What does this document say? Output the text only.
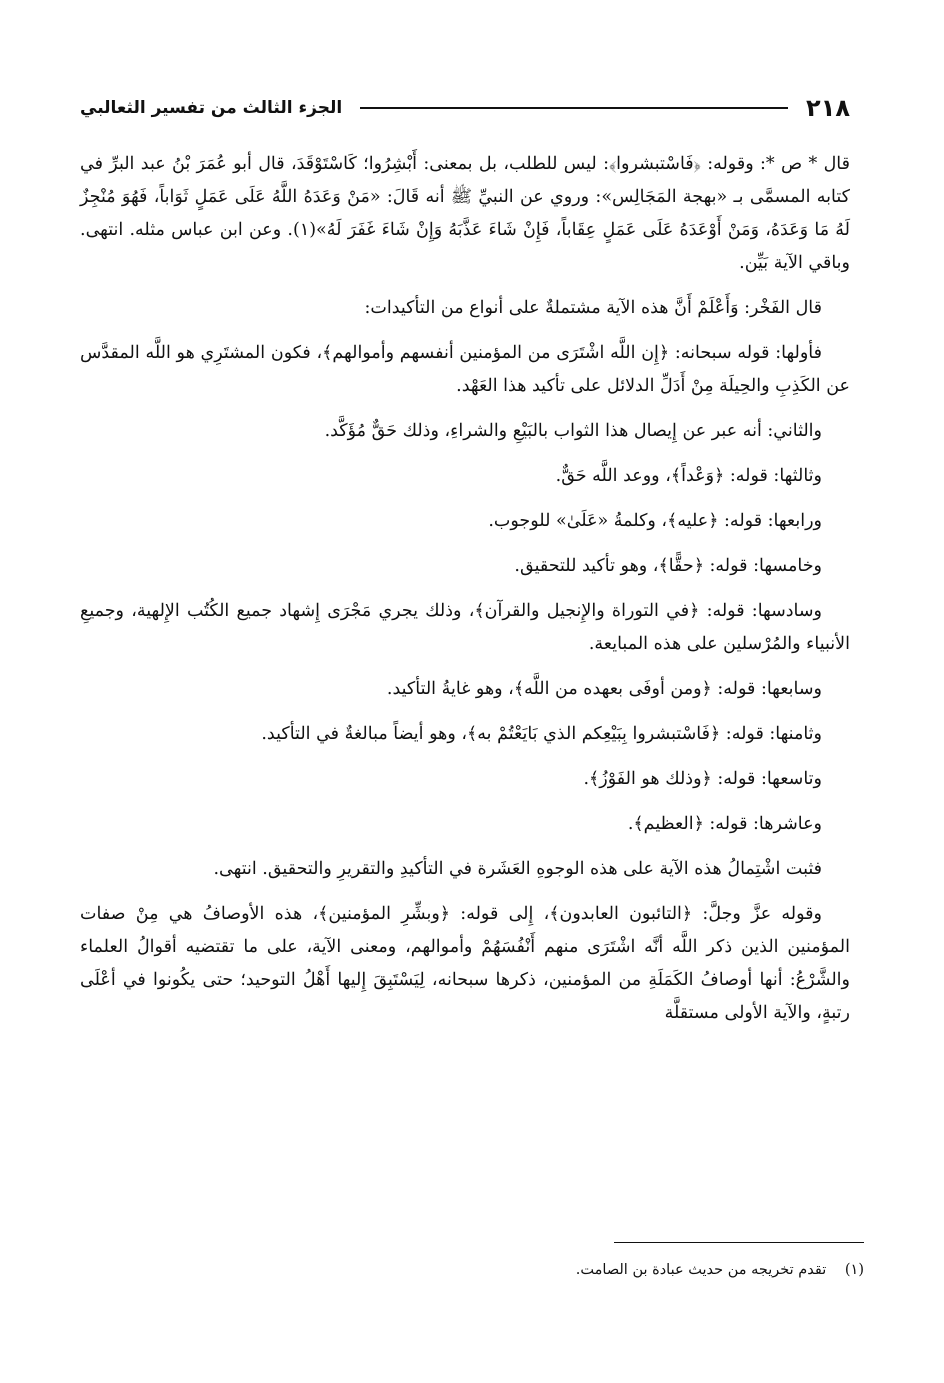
٢١٨
الجزء الثالث من تفسير الثعالبي

قال * ص *: وقوله: ﴿فَاسْتبشروا﴾: ليس للطلب، بل بمعنى: أَبْشِرُوا؛ كَاسْتَوْقَدَ، قال أبو عُمَرَ بْنُ عبد البرِّ في كتابه المسمَّى بـ «بهجة المَجَالِس»: وروي عن النبيِّ ﷺ أنه قَالَ: «مَنْ وَعَدَهُ اللَّهُ عَلَى عَمَلٍ ثَوَاباً، فَهُوَ مُنْجِزٌ لَهُ مَا وَعَدَهُ، وَمَنْ أَوْعَدَهُ عَلَى عَمَلٍ عِقَاباً، فَإِنْ شَاءَ عَذَّبَهُ وَإِنْ شَاءَ غَفَرَ لَهُ»(١). وعن ابن عباس مثله. انتهى. وباقي الآية بَيِّن.

قال الفَخْر: وَأَعْلَمْ أَنَّ هذه الآية مشتملةٌ على أنواع من التأكيدات:

فأولها: قوله سبحانه: ﴿إِن اللَّه اشْتَرَى من المؤمنين أنفسهم وأموالهم﴾، فكون المشتَرِي هو اللَّه المقدَّس عن الكَذِبِ والحِيلَة مِنْ أَدَلِّ الدلائل على تأكيد هذا العَهْد.

والثاني: أنه عبر عن إِيصال هذا الثواب بالبَيْعِ والشراءِ، وذلك حَقٌّ مُؤَكَّد.

وثالثها: قوله: ﴿وَعْداً﴾، ووعد اللَّه حَقٌّ.

ورابعها: قوله: ﴿عليه﴾، وكلمةُ «عَلَىٰ» للوجوب.

وخامسها: قوله: ﴿حقًّا﴾، وهو تأكيد للتحقيق.

وسادسها: قوله: ﴿في التوراة والإِنجيل والقرآن﴾، وذلك يجري مَجْرَى إِشهاد جميع الكُتُب الإِلهية، وجميعِ الأنبياء والمُرْسلين على هذه المبايعة.

وسابعها: قوله: ﴿ومن أوفَى بعهده من اللَّه﴾، وهو غايةُ التأكيد.

وثامنها: قوله: ﴿فَاسْتبشروا بِبَيْعِكم الذي بَايَعْتُمْ به﴾، وهو أيضاً مبالغةٌ في التأكيد.

وتاسعها: قوله: ﴿وذلك هو الفَوْزُ﴾.

وعاشرها: قوله: ﴿العظيم﴾.

فثبت اشْتِمالُ هذه الآية على هذه الوجوهِ العَشَرة في التأكيدِ والتقريرِ والتحقيق. انتهى.

وقوله عزَّ وجلَّ: ﴿التائبون العابدون﴾، إِلى قوله: ﴿وبشِّرِ المؤمنين﴾، هذه الأوصافُ هي مِنْ صفات المؤمنين الذين ذكر اللَّه أنَّه اشْتَرَى منهم أَنْفُسَهُمْ وأموالهم، ومعنى الآية، على ما تقتضيه أقوالُ العلماء والشَّرْعُ: أنها أوصافُ الكَمَلَةِ من المؤمنين، ذكرها سبحانه، لِيَسْتَبِقَ إِليها أَهْلُ التوحيد؛ حتى يكُونوا في أعْلَى رتبةٍ، والآية الأولى مستقلَّة

(١) تقدم تخريجه من حديث عبادة بن الصامت.
